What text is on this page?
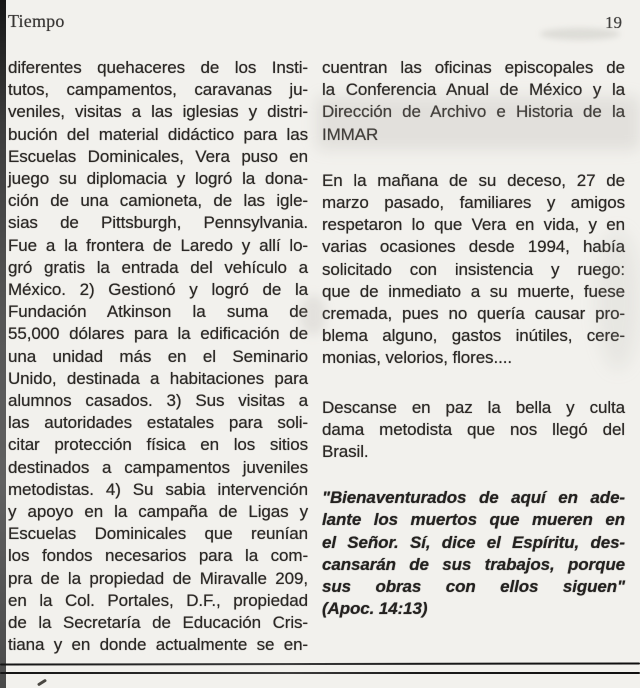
Tiempo	19
diferentes quehaceres de los Insti-
tutos, campamentos, caravanas ju-
veniles, visitas a las iglesias y distri-
bución del material didáctico para las
Escuelas Dominicales, Vera puso en
juego su diplomacia y logró la dona-
ción de una camioneta, de las igle-
sias de Pittsburgh, Pennsylvania.
Fue a la frontera de Laredo y allí lo-
gró gratis la entrada del vehículo a
México. 2) Gestionó y logró de la
Fundación Atkinson la suma de
55,000 dólares para la edificación de
una unidad más en el Seminario
Unido, destinada a habitaciones para
alumnos casados. 3) Sus visitas a
las autoridades estatales para soli-
citar protección física en los sitios
destinados a campamentos juveniles
metodistas. 4) Su sabia intervención
y apoyo en la campaña de Ligas y
Escuelas Dominicales que reunían
los fondos necesarios para la com-
pra de la propiedad de Miravalle 209,
en la Col. Portales, D.F., propiedad
de la Secretaría de Educación Cris-
tiana y en donde actualmente se en-
cuentran las oficinas episcopales de
la Conferencia Anual de México y la
Dirección de Archivo e Historia de la
IMMAR
En la mañana de su deceso, 27 de
marzo pasado, familiares y amigos
respetaron lo que Vera en vida, y en
varias ocasiones desde 1994, había
solicitado con insistencia y ruego:
que de inmediato a su muerte, fuese
cremada, pues no quería causar pro-
blema alguno, gastos inútiles, cere-
monias, velorios, flores....
Descanse en paz la bella y culta
dama metodista que nos llegó del
Brasil.
"Bienaventurados de aquí en ade-
lante los muertos que mueren en
el Señor. Sí, dice el Espíritu, des-
cansarán de sus trabajos, porque
sus obras con ellos siguen"
(Apoc. 14:13)
